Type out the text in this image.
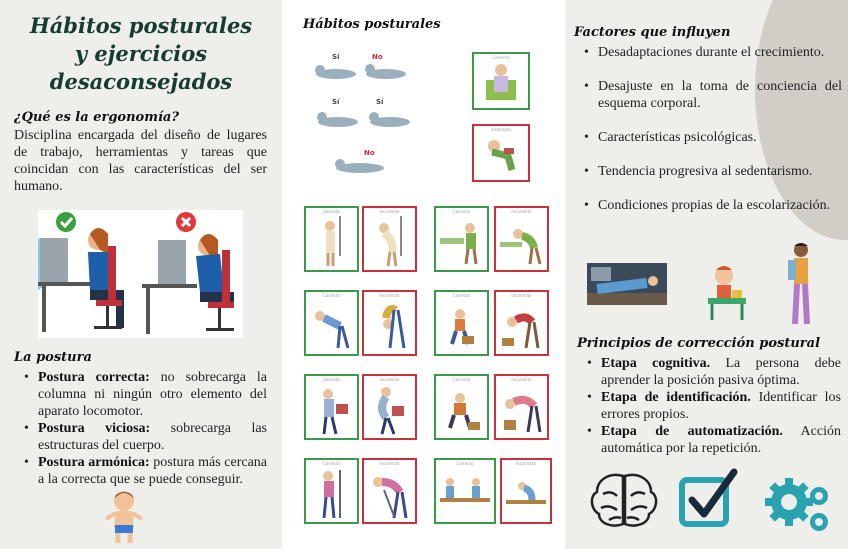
Hábitos posturales
y ejercicios
desaconsejados
¿Qué es la ergonomía?
Disciplina encargada del diseño de lugares de trabajo, herramientas y tareas que coincidan con las características del ser humano.
La postura
• Postura correcta: no sobrecarga la columna ni ningún otro elemento del aparato locomotor.
• Postura viciosa: sobrecarga las estructuras del cuerpo.
• Postura armónica: postura más cercana a la correcta que se puede conseguir.
Hábitos posturales
Sí	No
Sí	Sí
No
Correcto
Incorrecto
Correcto	Incorrecto	Correcto	Incorrecto
Correcto	Incorrecto	Correcto	Incorrecto
Correcto	Incorrecto	Correcto	Incorrecto
Correcto	Incorrecto	Correcto	Incorrecto
Factores que influyen
• Desadaptaciones durante el crecimiento.
• Desajuste en la toma de conciencia del esquema corporal.
• Características psicológicas.
• Tendencia progresiva al sedentarismo.
• Condiciones propias de la escolarización.
Principios de corrección postural
• Etapa cognitiva. La persona debe aprender la posición pasiva óptima.
• Etapa de identificación. Identificar los errores propios.
• Etapa de automatización. Acción automática por la repetición.
